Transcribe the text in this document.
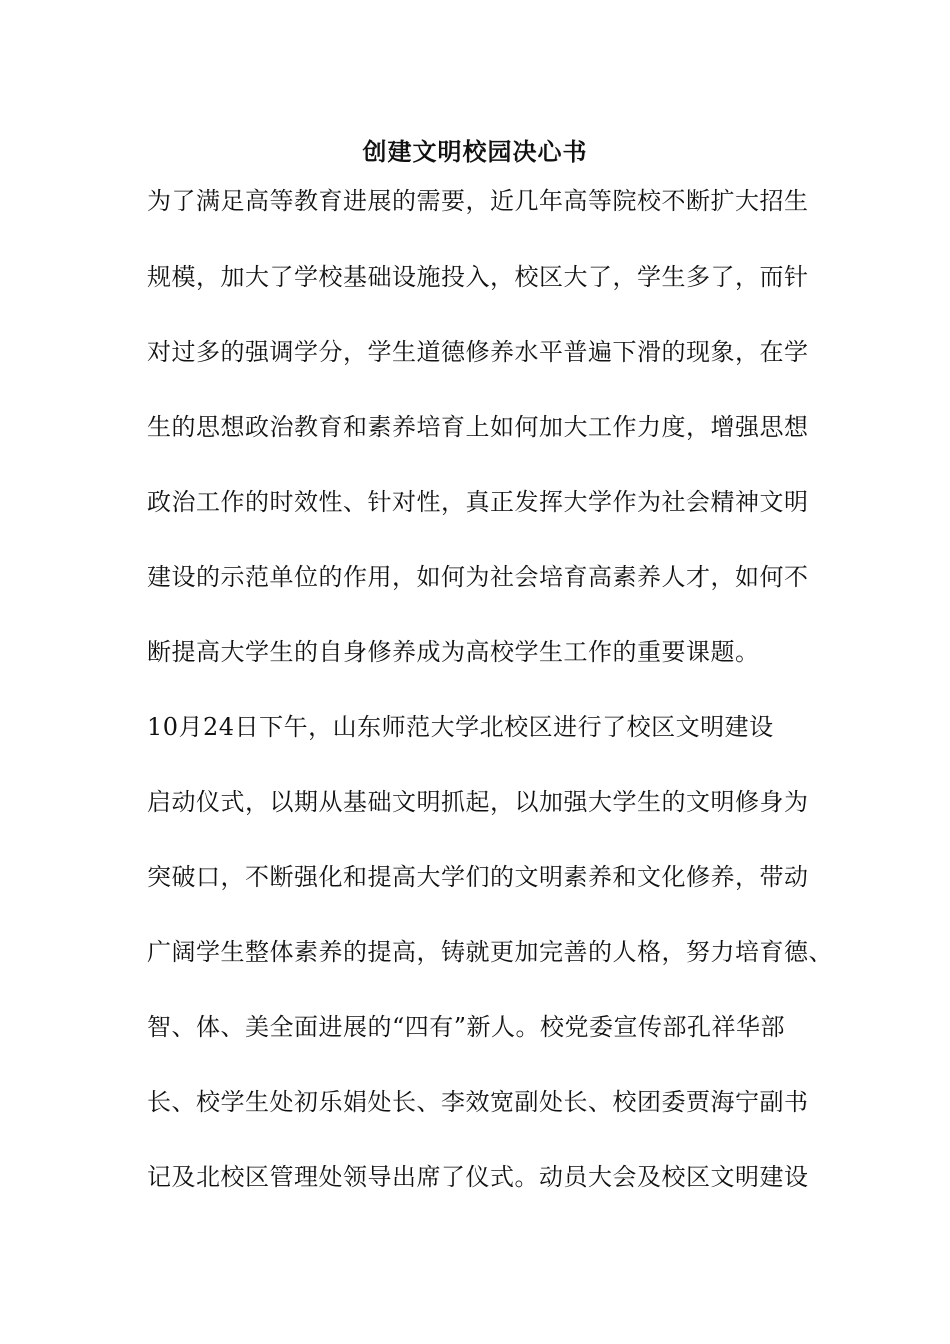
创建文明校园决心书
为了满足高等教育进展的需要，近几年高等院校不断扩大招生
规模，加大了学校基础设施投入，校区大了，学生多了，而针
对过多的强调学分，学生道德修养水平普遍下滑的现象，在学
生的思想政治教育和素养培育上如何加大工作力度，增强思想
政治工作的时效性、针对性，真正发挥大学作为社会精神文明
建设的示范单位的作用，如何为社会培育高素养人才，如何不
断提高大学生的自身修养成为高校学生工作的重要课题。
10月24日下午，山东师范大学北校区进行了校区文明建设
启动仪式，以期从基础文明抓起，以加强大学生的文明修身为
突破口，不断强化和提高大学们的文明素养和文化修养，带动
广阔学生整体素养的提高，铸就更加完善的人格，努力培育德、
智、体、美全面进展的“四有”新人。校党委宣传部孔祥华部
长、校学生处初乐娟处长、李效宽副处长、校团委贾海宁副书
记及北校区管理处领导出席了仪式。动员大会及校区文明建设
